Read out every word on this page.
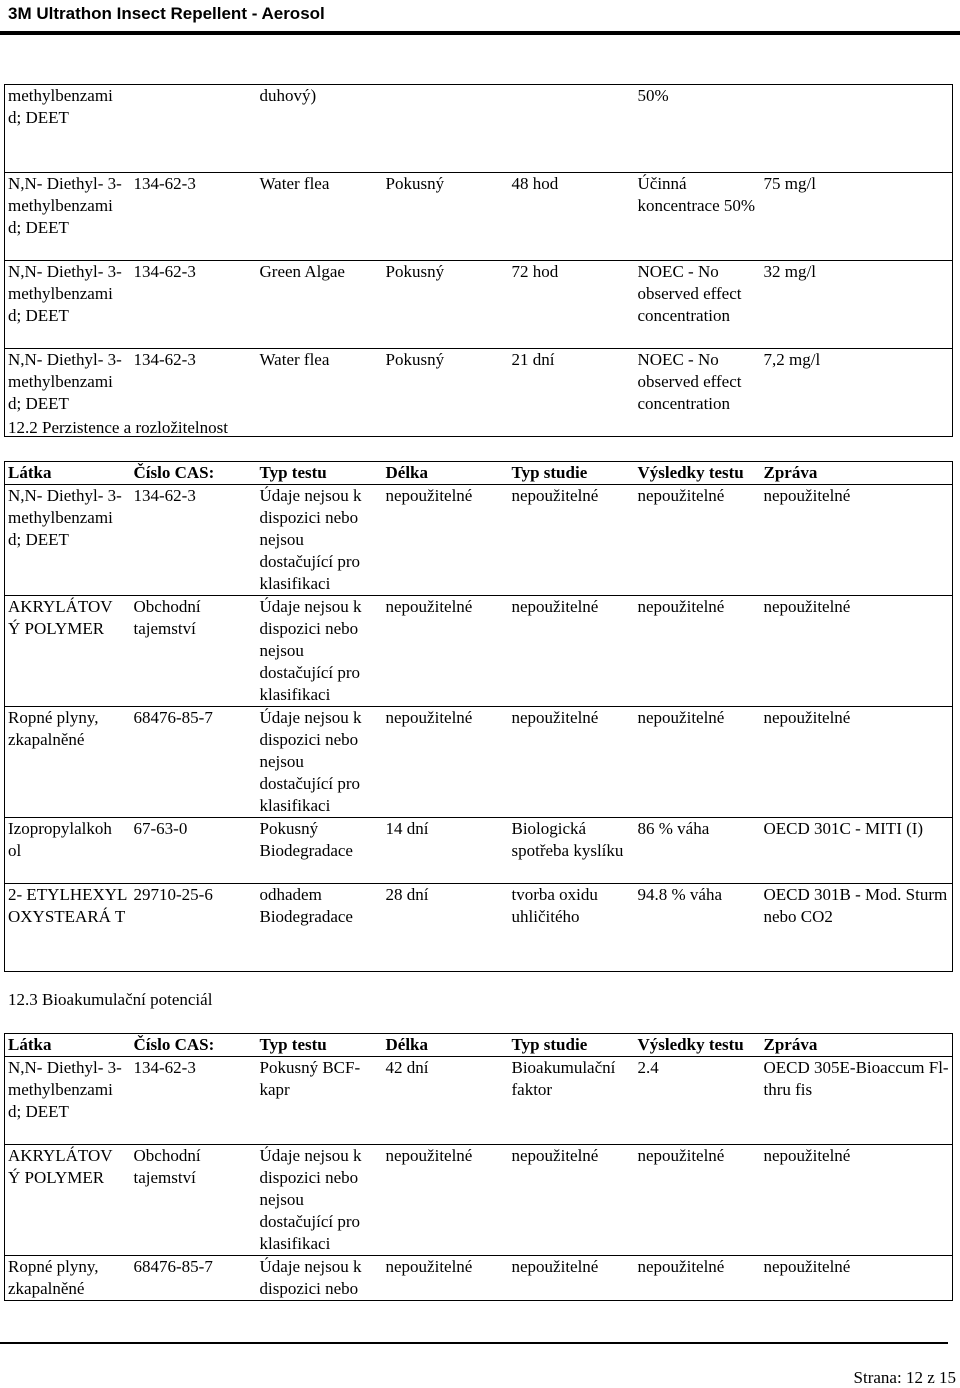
3M Ultrathon Insect Repellent - Aerosol
methylbenzami d; DEET		duhový)			50%	
N,N- Diethyl- 3- methylbenzami d; DEET	134-62-3	Water flea	Pokusný	48 hod	Účinná koncentrace 50%	75 mg/l
N,N- Diethyl- 3- methylbenzami d; DEET	134-62-3	Green Algae	Pokusný	72 hod	NOEC - No observed effect concentration	32 mg/l
N,N- Diethyl- 3- methylbenzami d; DEET	134-62-3	Water flea	Pokusný	21 dní	NOEC - No observed effect concentration	7,2 mg/l
12.2 Perzistence a rozložitelnost
Látka	Číslo CAS:	Typ testu	Délka	Typ studie	Výsledky testu	Zpráva
N,N- Diethyl- 3- methylbenzami d; DEET	134-62-3	Údaje nejsou k dispozici nebo nejsou dostačující pro klasifikaci	nepoužitelné	nepoužitelné	nepoužitelné	nepoužitelné
AKRYLÁTOV Ý POLYMER	Obchodní tajemství	Údaje nejsou k dispozici nebo nejsou dostačující pro klasifikaci	nepoužitelné	nepoužitelné	nepoužitelné	nepoužitelné
Ropné plyny, zkapalněné	68476-85-7	Údaje nejsou k dispozici nebo nejsou dostačující pro klasifikaci	nepoužitelné	nepoužitelné	nepoužitelné	nepoužitelné
Izopropylalkoh ol	67-63-0	Pokusný Biodegradace	14 dní	Biologická spotřeba kyslíku	86 % váha	OECD 301C - MITI (I)
2- ETYLHEXYL OXYSTEARÁ T	29710-25-6	odhadem Biodegradace	28 dní	tvorba oxidu uhličitého	94.8 % váha	OECD 301B - Mod. Sturm nebo CO2
12.3 Bioakumulační potenciál
Látka	Číslo CAS:	Typ testu	Délka	Typ studie	Výsledky testu	Zpráva
N,N- Diethyl- 3- methylbenzami d; DEET	134-62-3	Pokusný BCF- kapr	42 dní	Bioakumulační faktor	2.4	OECD 305E-Bioaccum Fl-thru fis
AKRYLÁTOV Ý POLYMER	Obchodní tajemství	Údaje nejsou k dispozici nebo nejsou dostačující pro klasifikaci	nepoužitelné	nepoužitelné	nepoužitelné	nepoužitelné
Ropné plyny, zkapalněné	68476-85-7	Údaje nejsou k dispozici nebo	nepoužitelné	nepoužitelné	nepoužitelné	nepoužitelné
Strana: 12 z 15
